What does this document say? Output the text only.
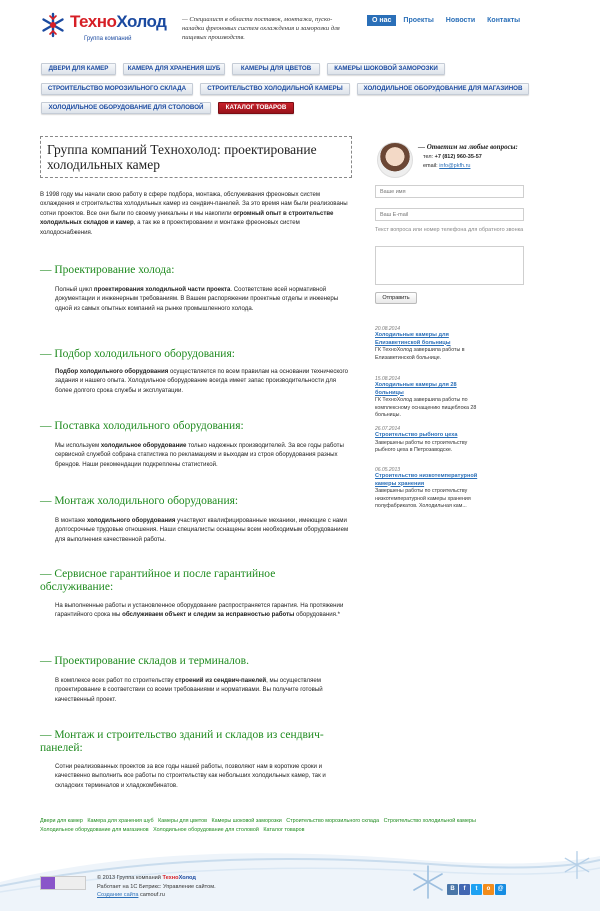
ТехноХолод
Группа компаний
— Специалист в области поставок, монтажа, пуско-наладки фреоновых систем охлаждения и заморозки для пищевых производств.
О нас	Проекты	Новости	Контакты
ДВЕРИ ДЛЯ КАМЕР	КАМЕРА ДЛЯ ХРАНЕНИЯ ШУБ	КАМЕРЫ ДЛЯ ЦВЕТОВ	КАМЕРЫ ШОКОВОЙ ЗАМОРОЗКИ
СТРОИТЕЛЬСТВО МОРОЗИЛЬНОГО СКЛАДА	СТРОИТЕЛЬСТВО ХОЛОДИЛЬНОЙ КАМЕРЫ	ХОЛОДИЛЬНОЕ ОБОРУДОВАНИЕ ДЛЯ МАГАЗИНОВ
ХОЛОДИЛЬНОЕ ОБОРУДОВАНИЕ ДЛЯ СТОЛОВОЙ	КАТАЛОГ ТОВАРОВ
Группа компаний Технохолод: проектирование холодильных камер
В 1998 году мы начали свою работу в сфере подбора, монтажа, обслуживания фреоновых систем охлаждения и строительства холодильных камер из сендвич-панелей. За это время нам были реализованы сотни проектов. Все они были по своему уникальны и мы накопили огромный опыт в строительстве холодильных складов и камер, а так же в проектировании и монтаже фреоновых систем холодоснабжения.
— Проектирование холода:
Полный цикл проектирования холодильной части проекта. Соответствие всей нормативной документации и инженерным требованиям. В Вашем распоряжении проектные отделы и инженеры одной из самых опытных компаний на рынке промышленного холода.
— Подбор холодильного оборудования:
Подбор холодильного оборудования осуществляется по всем правилам на основании технического задания и нашего опыта. Холодильное оборудование всегда имеет запас производительности для более долгого срока службы и эксплуатации.
— Поставка холодильного оборудования:
Мы используем холодильное оборудование только надежных производителей. За все годы работы сервисной службой собрана статистика по рекламациям и выходам из строя оборудования разных брендов. Наши рекомендации подкреплены статистикой.
— Монтаж холодильного оборудования:
В монтаже холодильного оборудования участвуют квалифицированные механики, имеющие с нами долгосрочные трудовые отношения. Наши специалисты оснащены всем необходимым оборудованием для выполнения качественной работы.
— Сервисное гарантийное и после гарантийное обслуживание:
На выполненные работы и установленное оборудование распространяется гарантия. На протяжении гарантийного срока мы обслуживаем объект и следим за исправностью работы оборудования.*
— Проектирование складов и терминалов.
В комплексе всех работ по строительству строений из сендвич-панелей, мы осуществляем проектирование в соответствии со всеми требованиями и нормативами. Вы получите готовый качественный проект.
— Монтаж и строительство зданий и складов из сендвич-панелей:
Сотни реализованных проектов за все годы нашей работы, позволяют нам в короткие сроки и качественно выполнить все работы по строительству как небольших холодильных камер, так и складских терминалов и хладокомбинатов.
— Ответим на любые вопросы:
тел: +7 (812) 960-35-57
email: info@pkfh.ru
Ваше имя
Ваш E-mail
Текст вопроса или номер телефона для обратного звонка
Отправить
20.08.2014
Холодильные камеры для Елизаветинской больницы
ГК ТехноХолод завершила работы в Елизаветинской больнице.
15.08.2014
Холодильные камеры для 28 больницы
ГК ТехноХолод завершила работы по комплексному оснащению пищеблока 28 больницы.
26.07.2014
Строительство рыбного цеха
Завершены работы по строительству рыбного цеха в Петрозаводске.
06.05.2013
Строительство низкотемпературной камеры хранения
Завершены работы по строительству низкотемпературной камеры хранения полуфабрикатов. Холодильная кам...
Двери для камер Камера для хранения шуб Камеры для цветов Камеры шоковой заморозки Строительство морозильного склада Строительство холодильной камеры Холодильное оборудование для магазинов Холодильное оборудование для столовой Каталог товаров
© 2013 Группа компаний ТехноХолод
Работает на 1С Битрикс: Управление сайтом.
Создание сайта camouf.ru
В	f	t	o	@
